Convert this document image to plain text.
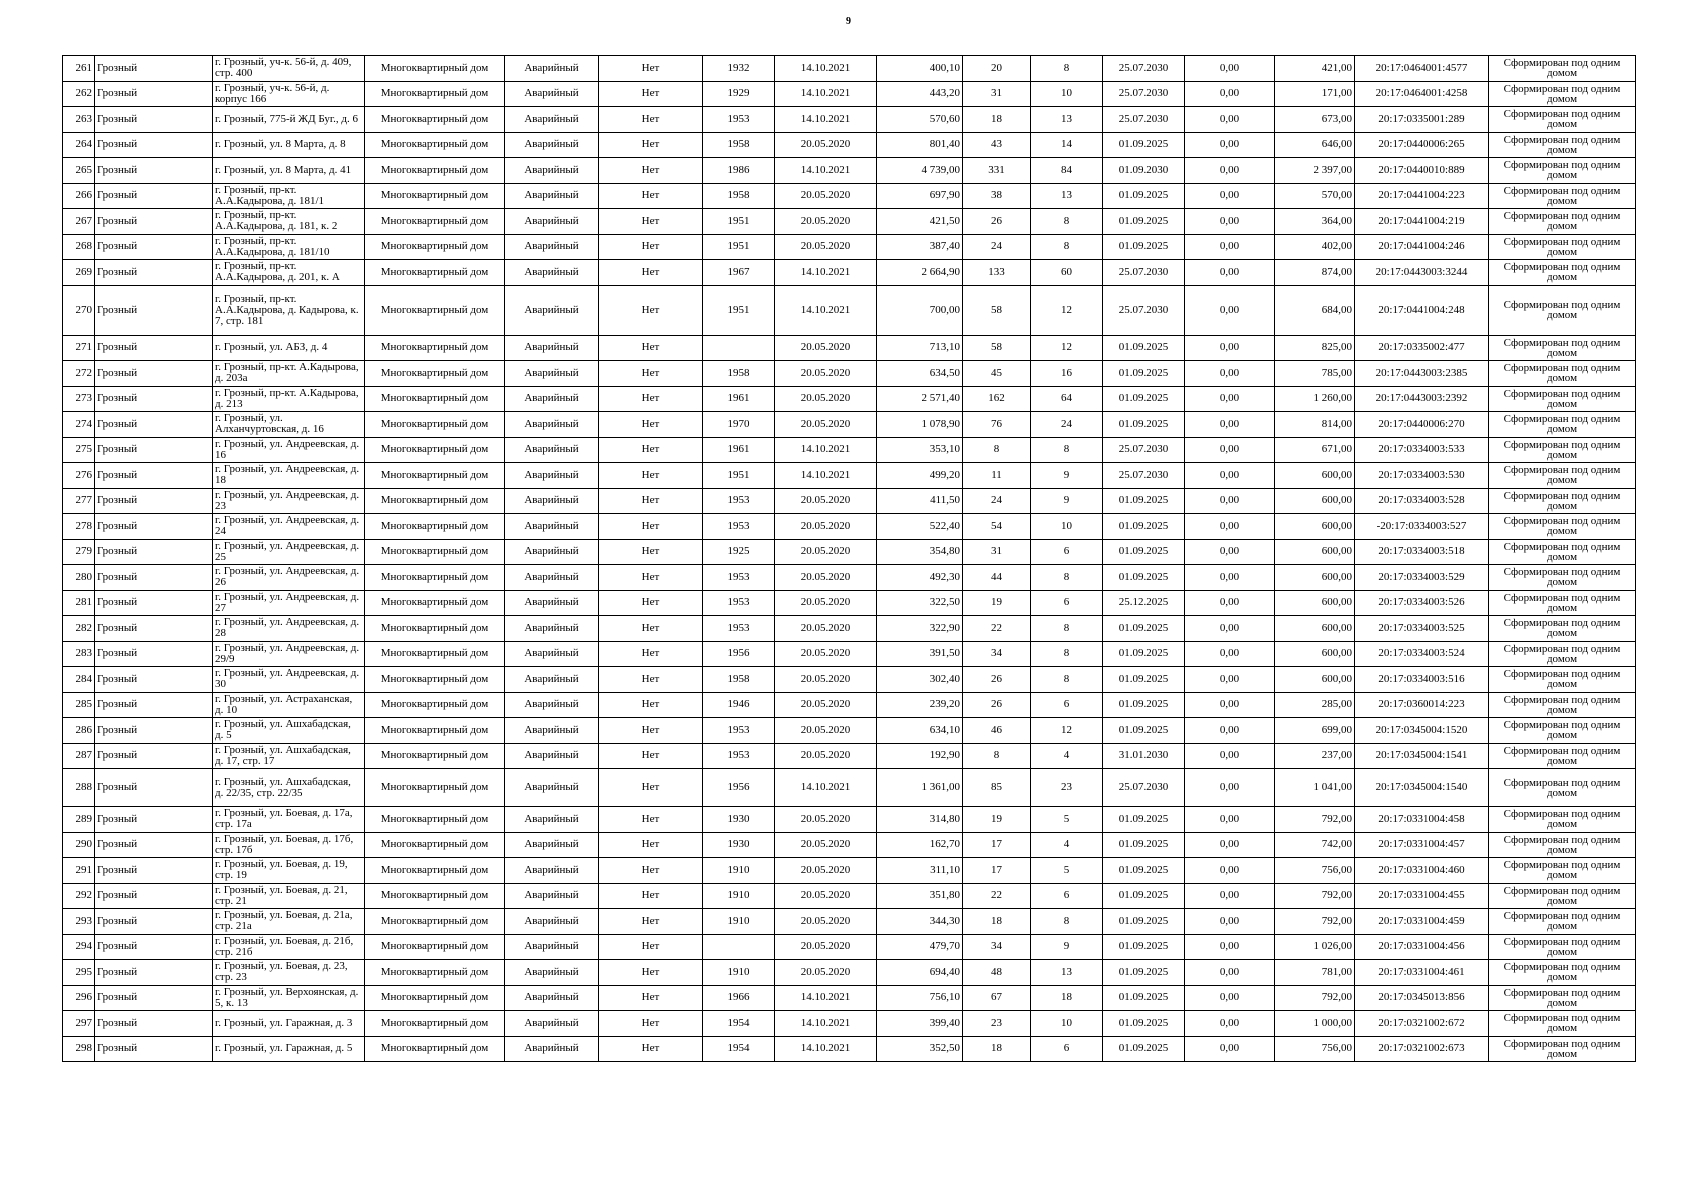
9
261	Грозный	г. Грозный, уч-к. 56-й, д. 409, стр. 400	Многоквартирный дом	Аварийный	Нет	1932	14.10.2021	400,10	20	8	25.07.2030	0,00	421,00	20:17:0464001:4577	Сформирован под одним домом
262	Грозный	г. Грозный, уч-к. 56-й, д. корпус 166	Многоквартирный дом	Аварийный	Нет	1929	14.10.2021	443,20	31	10	25.07.2030	0,00	171,00	20:17:0464001:4258	Сформирован под одним домом
263	Грозный	г. Грозный, 775-й ЖД Буг., д. 6	Многоквартирный дом	Аварийный	Нет	1953	14.10.2021	570,60	18	13	25.07.2030	0,00	673,00	20:17:0335001:289	Сформирован под одним домом
264	Грозный	г. Грозный, ул. 8 Марта, д. 8	Многоквартирный дом	Аварийный	Нет	1958	20.05.2020	801,40	43	14	01.09.2025	0,00	646,00	20:17:0440006:265	Сформирован под одним домом
265	Грозный	г. Грозный, ул. 8 Марта, д. 41	Многоквартирный дом	Аварийный	Нет	1986	14.10.2021	4 739,00	331	84	01.09.2030	0,00	2 397,00	20:17:0440010:889	Сформирован под одним домом
266	Грозный	г. Грозный, пр-кт. А.А.Кадырова, д. 181/1	Многоквартирный дом	Аварийный	Нет	1958	20.05.2020	697,90	38	13	01.09.2025	0,00	570,00	20:17:0441004:223	Сформирован под одним домом
267	Грозный	г. Грозный, пр-кт. А.А.Кадырова, д. 181, к. 2	Многоквартирный дом	Аварийный	Нет	1951	20.05.2020	421,50	26	8	01.09.2025	0,00	364,00	20:17:0441004:219	Сформирован под одним домом
268	Грозный	г. Грозный, пр-кт. А.А.Кадырова, д. 181/10	Многоквартирный дом	Аварийный	Нет	1951	20.05.2020	387,40	24	8	01.09.2025	0,00	402,00	20:17:0441004:246	Сформирован под одним домом
269	Грозный	г. Грозный, пр-кт. А.А.Кадырова, д. 201, к. А	Многоквартирный дом	Аварийный	Нет	1967	14.10.2021	2 664,90	133	60	25.07.2030	0,00	874,00	20:17:0443003:3244	Сформирован под одним домом
270	Грозный	г. Грозный, пр-кт. А.А.Кадырова, д. Кадырова, к. 7, стр. 181	Многоквартирный дом	Аварийный	Нет	1951	14.10.2021	700,00	58	12	25.07.2030	0,00	684,00	20:17:0441004:248	Сформирован под одним домом
271	Грозный	г. Грозный, ул. АБЗ, д. 4	Многоквартирный дом	Аварийный	Нет		20.05.2020	713,10	58	12	01.09.2025	0,00	825,00	20:17:0335002:477	Сформирован под одним домом
272	Грозный	г. Грозный, пр-кт. А.Кадырова, д. 203а	Многоквартирный дом	Аварийный	Нет	1958	20.05.2020	634,50	45	16	01.09.2025	0,00	785,00	20:17:0443003:2385	Сформирован под одним домом
273	Грозный	г. Грозный, пр-кт. А.Кадырова, д. 213	Многоквартирный дом	Аварийный	Нет	1961	20.05.2020	2 571,40	162	64	01.09.2025	0,00	1 260,00	20:17:0443003:2392	Сформирован под одним домом
274	Грозный	г. Грозный, ул. Алханчуртовская, д. 16	Многоквартирный дом	Аварийный	Нет	1970	20.05.2020	1 078,90	76	24	01.09.2025	0,00	814,00	20:17:0440006:270	Сформирован под одним домом
275	Грозный	г. Грозный, ул. Андреевская, д. 16	Многоквартирный дом	Аварийный	Нет	1961	14.10.2021	353,10	8	8	25.07.2030	0,00	671,00	20:17:0334003:533	Сформирован под одним домом
276	Грозный	г. Грозный, ул. Андреевская, д. 18	Многоквартирный дом	Аварийный	Нет	1951	14.10.2021	499,20	11	9	25.07.2030	0,00	600,00	20:17:0334003:530	Сформирован под одним домом
277	Грозный	г. Грозный, ул. Андреевская, д. 23	Многоквартирный дом	Аварийный	Нет	1953	20.05.2020	411,50	24	9	01.09.2025	0,00	600,00	20:17:0334003:528	Сформирован под одним домом
278	Грозный	г. Грозный, ул. Андреевская, д. 24	Многоквартирный дом	Аварийный	Нет	1953	20.05.2020	522,40	54	10	01.09.2025	0,00	600,00	-20:17:0334003:527	Сформирован под одним домом
279	Грозный	г. Грозный, ул. Андреевская, д. 25	Многоквартирный дом	Аварийный	Нет	1925	20.05.2020	354,80	31	6	01.09.2025	0,00	600,00	20:17:0334003:518	Сформирован под одним домом
280	Грозный	г. Грозный, ул. Андреевская, д. 26	Многоквартирный дом	Аварийный	Нет	1953	20.05.2020	492,30	44	8	01.09.2025	0,00	600,00	20:17:0334003:529	Сформирован под одним домом
281	Грозный	г. Грозный, ул. Андреевская, д. 27	Многоквартирный дом	Аварийный	Нет	1953	20.05.2020	322,50	19	6	25.12.2025	0,00	600,00	20:17:0334003:526	Сформирован под одним домом
282	Грозный	г. Грозный, ул. Андреевская, д. 28	Многоквартирный дом	Аварийный	Нет	1953	20.05.2020	322,90	22	8	01.09.2025	0,00	600,00	20:17:0334003:525	Сформирован под одним домом
283	Грозный	г. Грозный, ул. Андреевская, д. 29/9	Многоквартирный дом	Аварийный	Нет	1956	20.05.2020	391,50	34	8	01.09.2025	0,00	600,00	20:17:0334003:524	Сформирован под одним домом
284	Грозный	г. Грозный, ул. Андреевская, д. 30	Многоквартирный дом	Аварийный	Нет	1958	20.05.2020	302,40	26	8	01.09.2025	0,00	600,00	20:17:0334003:516	Сформирован под одним домом
285	Грозный	г. Грозный, ул. Астраханская, д. 10	Многоквартирный дом	Аварийный	Нет	1946	20.05.2020	239,20	26	6	01.09.2025	0,00	285,00	20:17:0360014:223	Сформирован под одним домом
286	Грозный	г. Грозный, ул. Ашхабадская, д. 5	Многоквартирный дом	Аварийный	Нет	1953	20.05.2020	634,10	46	12	01.09.2025	0,00	699,00	20:17:0345004:1520	Сформирован под одним домом
287	Грозный	г. Грозный, ул. Ашхабадская, д. 17, стр. 17	Многоквартирный дом	Аварийный	Нет	1953	20.05.2020	192,90	8	4	31.01.2030	0,00	237,00	20:17:0345004:1541	Сформирован под одним домом
288	Грозный	г. Грозный, ул. Ашхабадская, д. 22/35, стр. 22/35	Многоквартирный дом	Аварийный	Нет	1956	14.10.2021	1 361,00	85	23	25.07.2030	0,00	1 041,00	20:17:0345004:1540	Сформирован под одним домом
289	Грозный	г. Грозный, ул. Боевая, д. 17а, стр. 17а	Многоквартирный дом	Аварийный	Нет	1930	20.05.2020	314,80	19	5	01.09.2025	0,00	792,00	20:17:0331004:458	Сформирован под одним домом
290	Грозный	г. Грозный, ул. Боевая, д. 17б, стр. 17б	Многоквартирный дом	Аварийный	Нет	1930	20.05.2020	162,70	17	4	01.09.2025	0,00	742,00	20:17:0331004:457	Сформирован под одним домом
291	Грозный	г. Грозный, ул. Боевая, д. 19, стр. 19	Многоквартирный дом	Аварийный	Нет	1910	20.05.2020	311,10	17	5	01.09.2025	0,00	756,00	20:17:0331004:460	Сформирован под одним домом
292	Грозный	г. Грозный, ул. Боевая, д. 21, стр. 21	Многоквартирный дом	Аварийный	Нет	1910	20.05.2020	351,80	22	6	01.09.2025	0,00	792,00	20:17:0331004:455	Сформирован под одним домом
293	Грозный	г. Грозный, ул. Боевая, д. 21а, стр. 21а	Многоквартирный дом	Аварийный	Нет	1910	20.05.2020	344,30	18	8	01.09.2025	0,00	792,00	20:17:0331004:459	Сформирован под одним домом
294	Грозный	г. Грозный, ул. Боевая, д. 21б, стр. 21б	Многоквартирный дом	Аварийный	Нет		20.05.2020	479,70	34	9	01.09.2025	0,00	1 026,00	20:17:0331004:456	Сформирован под одним домом
295	Грозный	г. Грозный, ул. Боевая, д. 23, стр. 23	Многоквартирный дом	Аварийный	Нет	1910	20.05.2020	694,40	48	13	01.09.2025	0,00	781,00	20:17:0331004:461	Сформирован под одним домом
296	Грозный	г. Грозный, ул. Верхоянская, д. 5, к. 13	Многоквартирный дом	Аварийный	Нет	1966	14.10.2021	756,10	67	18	01.09.2025	0,00	792,00	20:17:0345013:856	Сформирован под одним домом
297	Грозный	г. Грозный, ул. Гаражная, д. 3	Многоквартирный дом	Аварийный	Нет	1954	14.10.2021	399,40	23	10	01.09.2025	0,00	1 000,00	20:17:0321002:672	Сформирован под одним домом
298	Грозный	г. Грозный, ул. Гаражная, д. 5	Многоквартирный дом	Аварийный	Нет	1954	14.10.2021	352,50	18	6	01.09.2025	0,00	756,00	20:17:0321002:673	Сформирован под одним домом
